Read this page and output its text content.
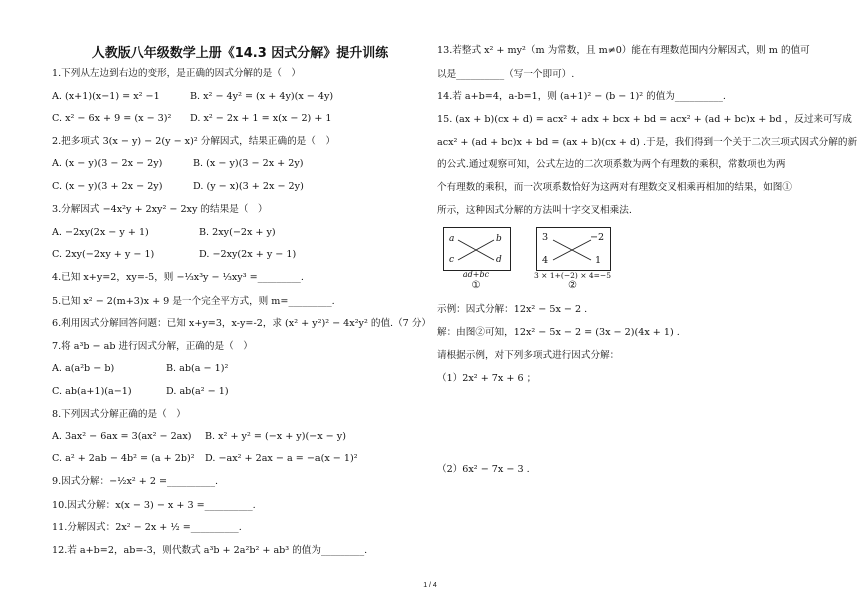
人教版八年级数学上册《14.3 因式分解》提升训练
1.下列从左边到右边的变形，是正确的因式分解的是（　）
A. (x+1)(x−1) = x² −1	B. x² − 4y² = (x + 4y)(x − 4y)
C. x² − 6x + 9 = (x − 3)² D. x² − 2x + 1 = x(x − 2) + 1
2.把多项式 3(x − y) − 2(y − x)² 分解因式，结果正确的是（　）
A. (x − y)(3 − 2x − 2y)	B. (x − y)(3 − 2x + 2y)
C. (x − y)(3 + 2x − 2y)	D. (y − x)(3 + 2x − 2y)
3.分解因式 −4x²y + 2xy² − 2xy 的结果是（　）
A. −2xy(2x − y + 1)	B. 2xy(−2x + y)
C. 2xy(−2xy + y − 1)	D. −2xy(2x + y − 1)
4.已知 x+y=2，xy=-5，则 −⅓x³y − ⅓xy³ =_________.
5.已知 x² − 2(m+3)x + 9 是一个完全平方式，则 m=_________.
6.利用因式分解回答问题：已知 x+y=3，x-y=-2，求 (x² + y²)² − 4x²y² 的值.（7 分）
7.将 a³b − ab 进行因式分解，正确的是（　）
A. a(a²b − b)	B. ab(a − 1)²
C. ab(a+1)(a−1)	D. ab(a² − 1)
8.下列因式分解正确的是（　）
A. 3ax² − 6ax = 3(ax² − 2ax) B. x² + y² = (−x + y)(−x − y)
C. a² + 2ab − 4b² = (a + 2b)² D. −ax² + 2ax − a = −a(x − 1)²
9.因式分解：−½x² + 2 =__________.
10.因式分解：x(x − 3) − x + 3 =__________.
11.分解因式：2x² − 2x + ½ =__________.
12.若 a+b=2，ab=-3，则代数式 a³b + 2a²b² + ab³ 的值为_________.
13.若整式 x² + my²（m 为常数，且 m≠0）能在有理数范围内分解因式，则 m 的值可
以是__________（写一个即可）.
14.若 a+b=4，a-b=1，则 (a+1)² − (b − 1)² 的值为__________.
15. (ax + b)(cx + d) = acx² + adx + bcx + bd = acx² + (ad + bc)x + bd ，反过来可写成
acx² + (ad + bc)x + bd = (ax + b)(cx + d) .于是，我们得到一个关于二次三项式因式分解的新
的公式.通过观察可知，公式左边的二次项系数为两个有理数的乘积，常数项也为两
个有理数的乘积，而一次项系数恰好为这两对有理数交叉相乘再相加的结果，如图①
所示，这种因式分解的方法叫十字交叉相乘法.
a	b
c	d
ad+bc
①
3	−2
4	1
3 × 1+(−2) × 4=−5
②
示例：因式分解：12x² − 5x − 2 .
解：由图②可知，12x² − 5x − 2 = (3x − 2)(4x + 1) .
请根据示例，对下列多项式进行因式分解：
（1）2x² + 7x + 6 ；
（2）6x² − 7x − 3 .
1 / 4
